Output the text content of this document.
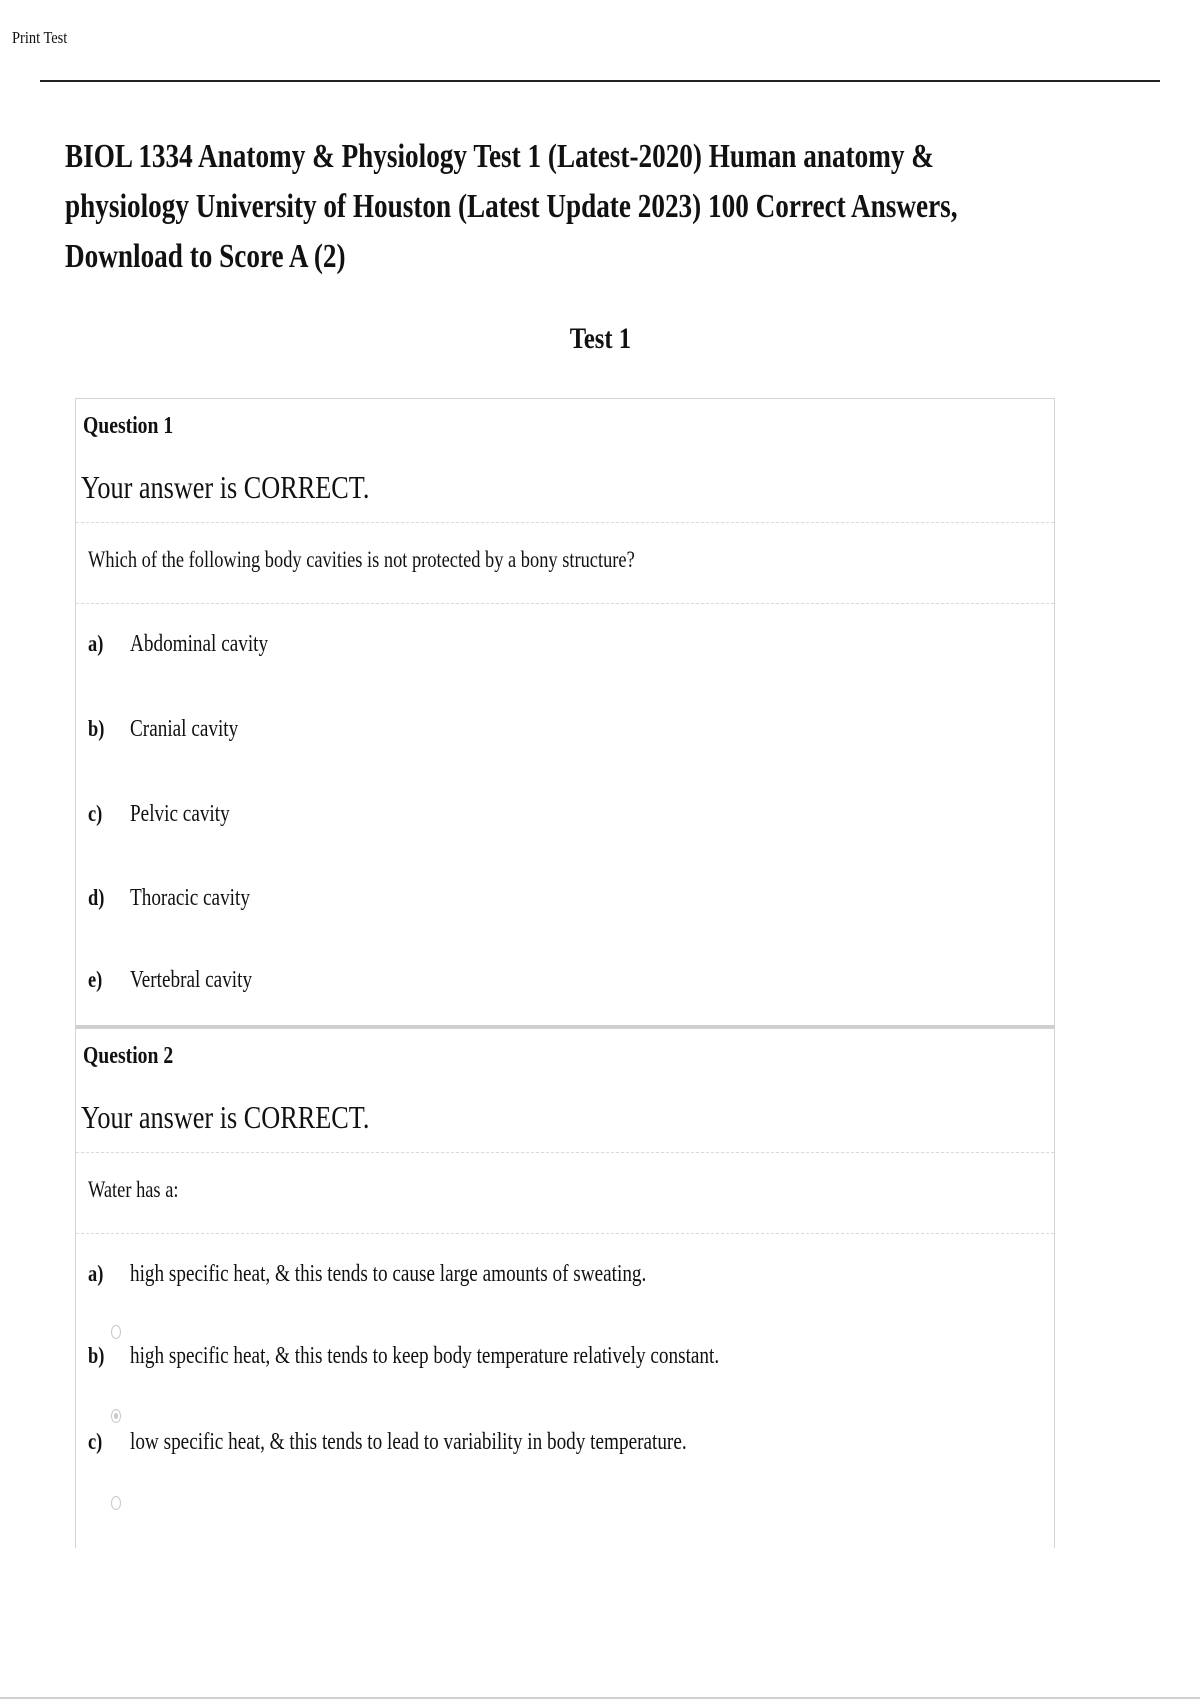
Print Test
BIOL 1334 Anatomy & Physiology Test 1 (Latest-2020) Human anatomy & physiology University of Houston (Latest Update 2023) 100 Correct Answers, Download to Score A (2)
Test 1
Question 1
Your answer is CORRECT.
Which of the following body cavities is not protected by a bony structure?
a) Abdominal cavity
b) Cranial cavity
c) Pelvic cavity
d) Thoracic cavity
e) Vertebral cavity
Question 2
Your answer is CORRECT.
Water has a:
a) high specific heat, & this tends to cause large amounts of sweating.
b) high specific heat, & this tends to keep body temperature relatively constant.
c) low specific heat, & this tends to lead to variability in body temperature.
